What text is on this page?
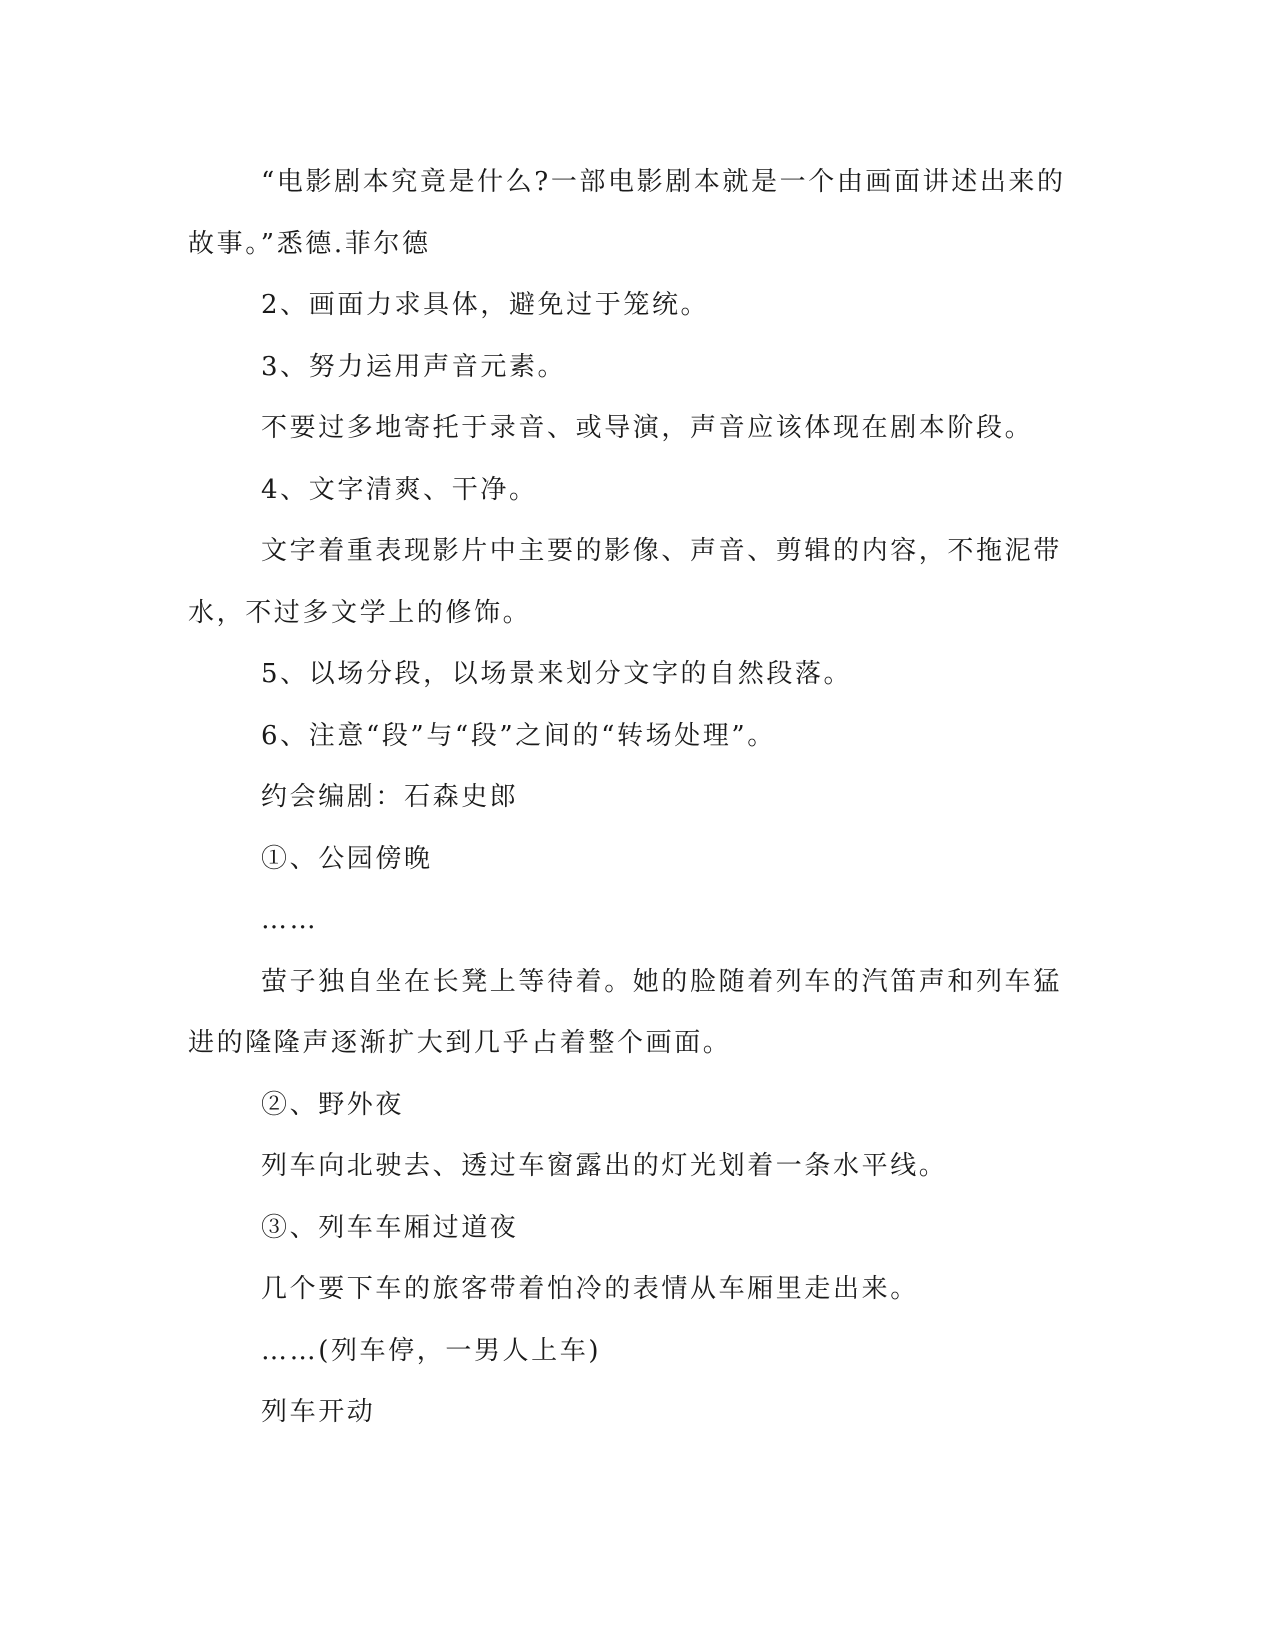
“电影剧本究竟是什么?一部电影剧本就是一个由画面讲述出来的故事。”悉德.菲尔德

2、画面力求具体，避免过于笼统。

3、努力运用声音元素。

不要过多地寄托于录音、或导演，声音应该体现在剧本阶段。

4、文字清爽、干净。

文字着重表现影片中主要的影像、声音、剪辑的内容，不拖泥带水，不过多文学上的修饰。

5、以场分段，以场景来划分文字的自然段落。

6、注意“段”与“段”之间的“转场处理”。

约会编剧：石森史郎

①、公园傍晚

……

萤子独自坐在长凳上等待着。她的脸随着列车的汽笛声和列车猛进的隆隆声逐渐扩大到几乎占着整个画面。

②、野外夜

列车向北驶去、透过车窗露出的灯光划着一条水平线。

③、列车车厢过道夜

几个要下车的旅客带着怕冷的表情从车厢里走出来。

……(列车停，一男人上车)

列车开动
